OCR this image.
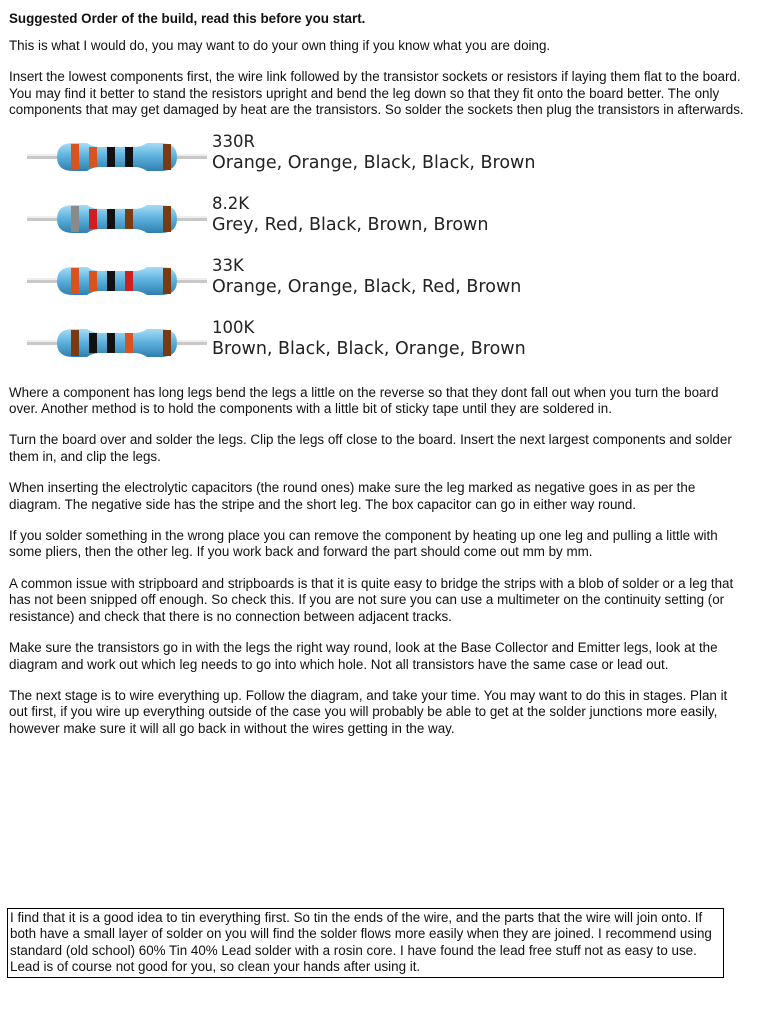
Suggested Order of the build, read this before you start.

This is what I would do, you may want to do your own thing if you know what you are doing.

Insert the lowest components first, the wire link followed by the transistor sockets or resistors if laying them flat to the board. You may find it better to stand the resistors upright and bend the leg down so that they fit onto the board better. The only components that may get damaged by heat are the transistors. So solder the sockets then plug the transistors in afterwards.

330R
Orange, Orange, Black, Black, Brown
8.2K
Grey, Red, Black, Brown, Brown
33K
Orange, Orange, Black, Red, Brown
100K
Brown, Black, Black, Orange, Brown

Where a component has long legs bend the legs a little on the reverse so that they dont fall out when you turn the board over. Another method is to hold the components with a little bit of sticky tape until they are soldered in.

Turn the board over and solder the legs. Clip the legs off close to the board. Insert the next largest components and solder them in, and clip the legs.

When inserting the electrolytic capacitors (the round ones) make sure the leg marked as negative goes in as per the diagram. The negative side has the stripe and the short leg. The box capacitor can go in either way round.

If you solder something in the wrong place you can remove the component by heating up one leg and pulling a little with some pliers, then the other leg. If you work back and forward the part should come out mm by mm.

A common issue with stripboard and stripboards is that it is quite easy to bridge the strips with a blob of solder or a leg that has not been snipped off enough. So check this. If you are not sure you can use a multimeter on the continuity setting (or resistance) and check that there is no connection between adjacent tracks.

Make sure the transistors go in with the legs the right way round, look at the Base Collector and Emitter legs, look at the diagram and work out which leg needs to go into which hole. Not all transistors have the same case or lead out.

The next stage is to wire everything up. Follow the diagram, and take your time. You may want to do this in stages. Plan it out first, if you wire up everything outside of the case you will probably be able to get at the solder junctions more easily, however make sure it will all go back in without the wires getting in the way.

I find that it is a good idea to tin everything first. So tin the ends of the wire, and the parts that the wire will join onto. If both have a small layer of solder on you will find the solder flows more easily when they are joined. I recommend using standard (old school) 60% Tin 40% Lead solder with a rosin core. I have found the lead free stuff not as easy to use. Lead is of course not good for you, so clean your hands after using it.
